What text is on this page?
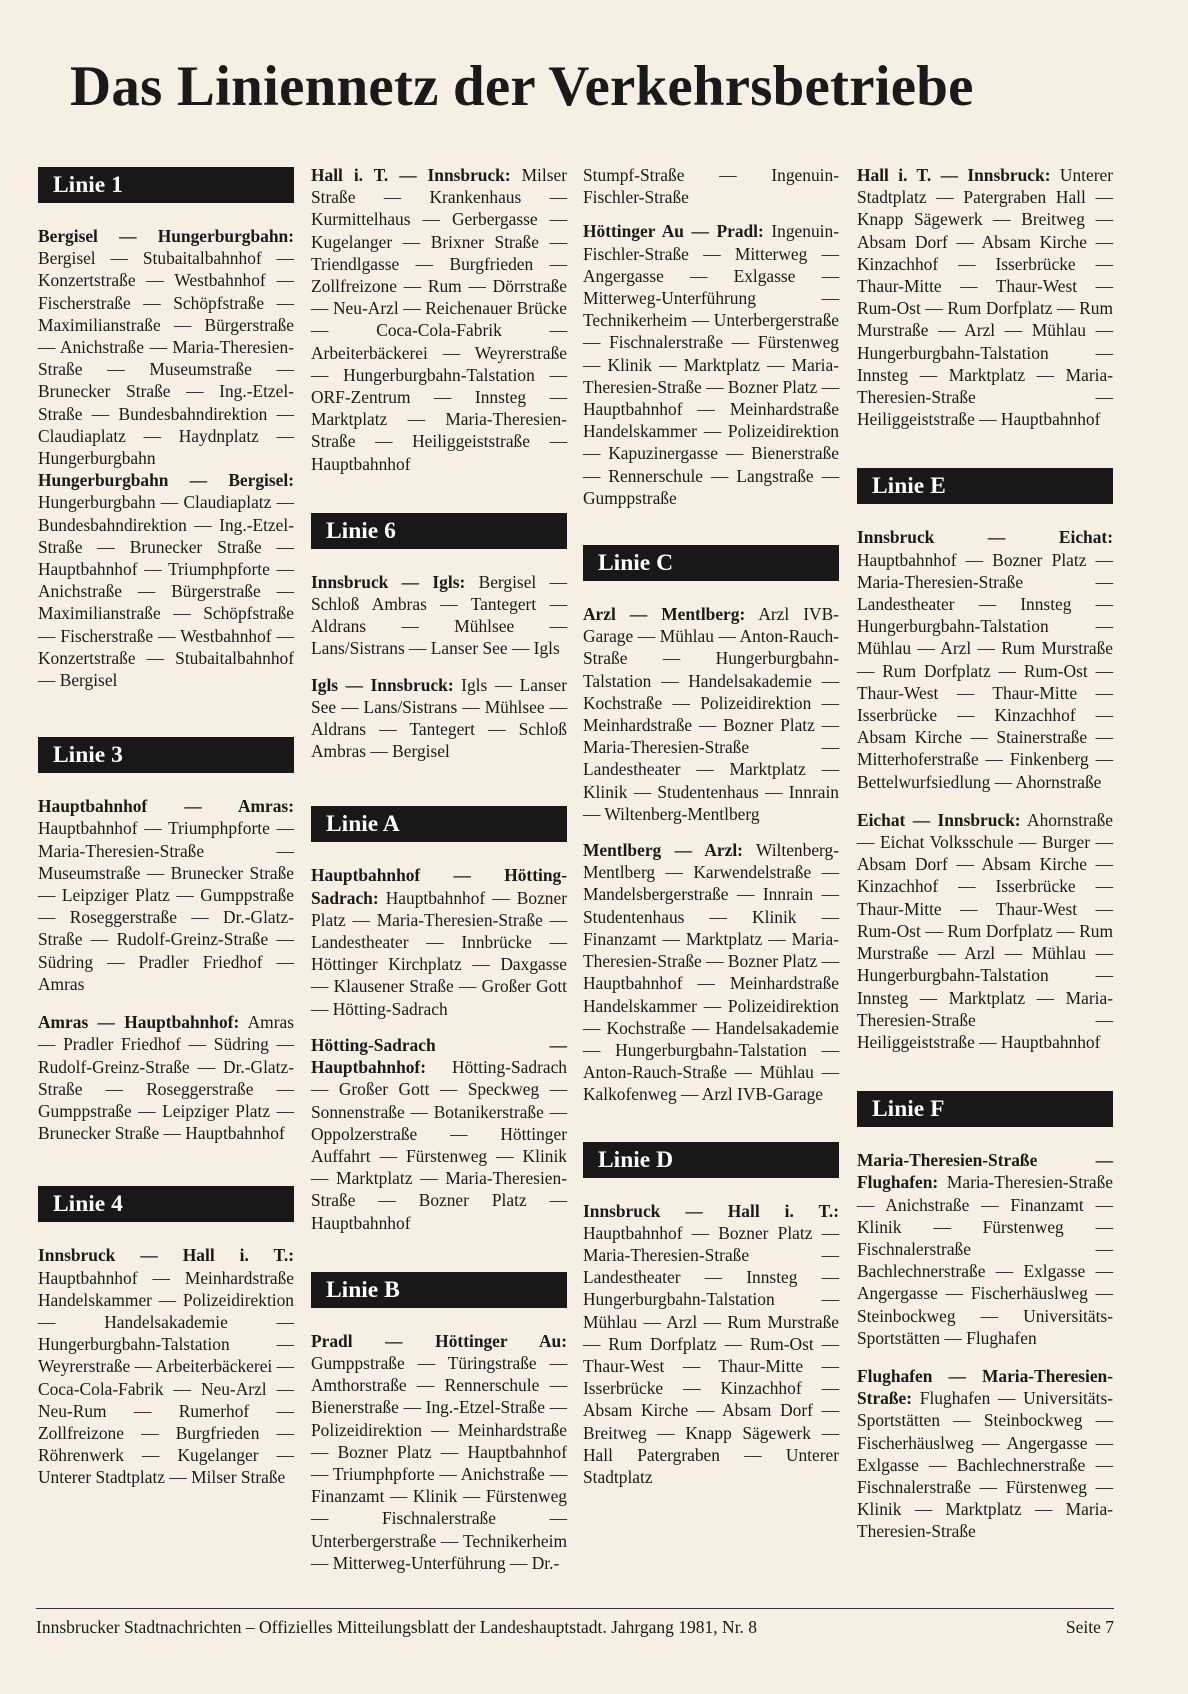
Das Liniennetz der Verkehrsbetriebe
Linie 1

Bergisel — Hungerburgbahn: Bergisel — Stubaitalbahnhof — Konzertstraße — Westbahnhof — Fischerstraße — Schöpfstraße — Maximilianstraße — Bürgerstraße — Anichstraße — Maria-Theresien-Straße — Museumstraße — Brunecker Straße — Ing.-Etzel-Straße — Bundesbahndirektion — Claudiaplatz — Haydnplatz — Hungerburgbahn

Hungerburgbahn — Bergisel: Hungerburgbahn — Claudiaplatz — Bundesbahndirektion — Ing.-Etzel-Straße — Brunecker Straße — Hauptbahnhof — Triumphpforte — Anichstraße — Bürgerstraße — Maximilianstraße — Schöpfstraße — Fischerstraße — Westbahnhof — Konzertstraße — Stubaitalbahnhof — Bergisel

Linie 3

Hauptbahnhof — Amras: Hauptbahnhof — Triumphpforte — Maria-Theresien-Straße — Museumstraße — Brunecker Straße — Leipziger Platz — Gumppstraße — Roseggerstraße — Dr.-Glatz-Straße — Rudolf-Greinz-Straße — Südring — Pradler Friedhof — Amras

Amras — Hauptbahnhof: Amras — Pradler Friedhof — Südring — Rudolf-Greinz-Straße — Dr.-Glatz-Straße — Roseggerstraße — Gumppstraße — Leipziger Platz — Brunecker Straße — Hauptbahnhof

Linie 4

Innsbruck — Hall i. T.: Hauptbahnhof — Meinhardstraße Handelskammer — Polizeidirektion — Handelsakademie — Hungerburgbahn-Talstation — Weyrerstraße — Arbeiterbäckerei — Coca-Cola-Fabrik — Neu-Arzl — Neu-Rum — Rumerhof — Zollfreizone — Burgfrieden — Röhrenwerk — Kugelanger — Unterer Stadtplatz — Milser Straße

Hall i. T. — Innsbruck: Milser Straße — Krankenhaus — Kurmittelhaus — Gerbergasse — Kugelanger — Brixner Straße — Triendlgasse — Burgfrieden — Zollfreizone — Rum — Dörrstraße — Neu-Arzl — Reichenauer Brücke — Coca-Cola-Fabrik — Arbeiterbäckerei — Weyrerstraße — Hungerburgbahn-Talstation — ORF-Zentrum — Innsteg — Marktplatz — Maria-Theresien-Straße — Heiliggeiststraße — Hauptbahnhof

Linie 6

Innsbruck — Igls: Bergisel — Schloß Ambras — Tantegert — Aldrans — Mühlsee — Lans/Sistrans — Lanser See — Igls

Igls — Innsbruck: Igls — Lanser See — Lans/Sistrans — Mühlsee — Aldrans — Tantegert — Schloß Ambras — Bergisel

Linie A

Hauptbahnhof — Hötting-Sadrach: Hauptbahnhof — Bozner Platz — Maria-Theresien-Straße — Landestheater — Innbrücke — Höttinger Kirchplatz — Daxgasse — Klausener Straße — Großer Gott — Hötting-Sadrach

Hötting-Sadrach — Hauptbahnhof: Hötting-Sadrach — Großer Gott — Speckweg — Sonnenstraße — Botanikerstraße — Oppolzerstraße — Höttinger Auffahrt — Fürstenweg — Klinik — Marktplatz — Maria-Theresien-Straße — Bozner Platz — Hauptbahnhof

Linie B

Pradl — Höttinger Au: Gumppstraße — Türingstraße — Amthorstraße — Rennerschule — Bienerstraße — Ing.-Etzel-Straße — Polizeidirektion — Meinhardstraße — Bozner Platz — Hauptbahnhof — Triumphpforte — Anichstraße — Finanzamt — Klinik — Fürstenweg — Fischnalerstraße — Unterbergerstraße — Technikerheim — Mitterweg-Unterführung — Dr.-

Stumpf-Straße — Ingenuin-Fischler-Straße

Höttinger Au — Pradl: Ingenuin-Fischler-Straße — Mitterweg — Angergasse — Exlgasse — Mitterweg-Unterführung — Technikerheim — Unterbergerstraße — Fischnalerstraße — Fürstenweg — Klinik — Marktplatz — Maria-Theresien-Straße — Bozner Platz — Hauptbahnhof — Meinhardstraße Handelskammer — Polizeidirektion — Kapuzinergasse — Bienerstraße — Rennerschule — Langstraße — Gumppstraße

Linie C

Arzl — Mentlberg: Arzl IVB-Garage — Mühlau — Anton-Rauch-Straße — Hungerburgbahn-Talstation — Handelsakademie — Kochstraße — Polizeidirektion — Meinhardstraße — Bozner Platz — Maria-Theresien-Straße — Landestheater — Marktplatz — Klinik — Studentenhaus — Innrain — Wiltenberg-Mentlberg

Mentlberg — Arzl: Wiltenberg-Mentlberg — Karwendelstraße — Mandelsbergerstraße — Innrain — Studentenhaus — Klinik — Finanzamt — Marktplatz — Maria-Theresien-Straße — Bozner Platz — Hauptbahnhof — Meinhardstraße Handelskammer — Polizeidirektion — Kochstraße — Handelsakademie — Hungerburgbahn-Talstation — Anton-Rauch-Straße — Mühlau — Kalkofenweg — Arzl IVB-Garage

Linie D

Innsbruck — Hall i. T.: Hauptbahnhof — Bozner Platz — Maria-Theresien-Straße — Landestheater — Innsteg — Hungerburgbahn-Talstation — Mühlau — Arzl — Rum Murstraße — Rum Dorfplatz — Rum-Ost — Thaur-West — Thaur-Mitte — Isserbrücke — Kinzachhof — Absam Kirche — Absam Dorf — Breitweg — Knapp Sägewerk — Hall Patergraben — Unterer Stadtplatz

Hall i. T. — Innsbruck: Unterer Stadtplatz — Patergraben Hall — Knapp Sägewerk — Breitweg — Absam Dorf — Absam Kirche — Kinzachhof — Isserbrücke — Thaur-Mitte — Thaur-West — Rum-Ost — Rum Dorfplatz — Rum Murstraße — Arzl — Mühlau — Hungerburgbahn-Talstation — Innsteg — Marktplatz — Maria-Theresien-Straße — Heiliggeiststraße — Hauptbahnhof

Linie E

Innsbruck — Eichat: Hauptbahnhof — Bozner Platz — Maria-Theresien-Straße — Landestheater — Innsteg — Hungerburgbahn-Talstation — Mühlau — Arzl — Rum Murstraße — Rum Dorfplatz — Rum-Ost — Thaur-West — Thaur-Mitte — Isserbrücke — Kinzachhof — Absam Kirche — Stainerstraße — Mitterhoferstraße — Finkenberg — Bettelwurfsiedlung — Ahornstraße

Eichat — Innsbruck: Ahornstraße — Eichat Volksschule — Burger — Absam Dorf — Absam Kirche — Kinzachhof — Isserbrücke — Thaur-Mitte — Thaur-West — Rum-Ost — Rum Dorfplatz — Rum Murstraße — Arzl — Mühlau — Hungerburgbahn-Talstation — Innsteg — Marktplatz — Maria-Theresien-Straße — Heiliggeiststraße — Hauptbahnhof

Linie F

Maria-Theresien-Straße — Flughafen: Maria-Theresien-Straße — Anichstraße — Finanzamt — Klinik — Fürstenweg — Fischnalerstraße — Bachlechnerstraße — Exlgasse — Angergasse — Fischerhäuslweg — Steinbockweg — Universitäts-Sportstätten — Flughafen

Flughafen — Maria-Theresien-Straße: Flughafen — Universitäts-Sportstätten — Steinbockweg — Fischerhäuslweg — Angergasse — Exlgasse — Bachlechnerstraße — Fischnalerstraße — Fürstenweg — Klinik — Marktplatz — Maria-Theresien-Straße

Innsbrucker Stadtnachrichten – Offizielles Mitteilungsblatt der Landeshauptstadt. Jahrgang 1981, Nr. 8	Seite 7
